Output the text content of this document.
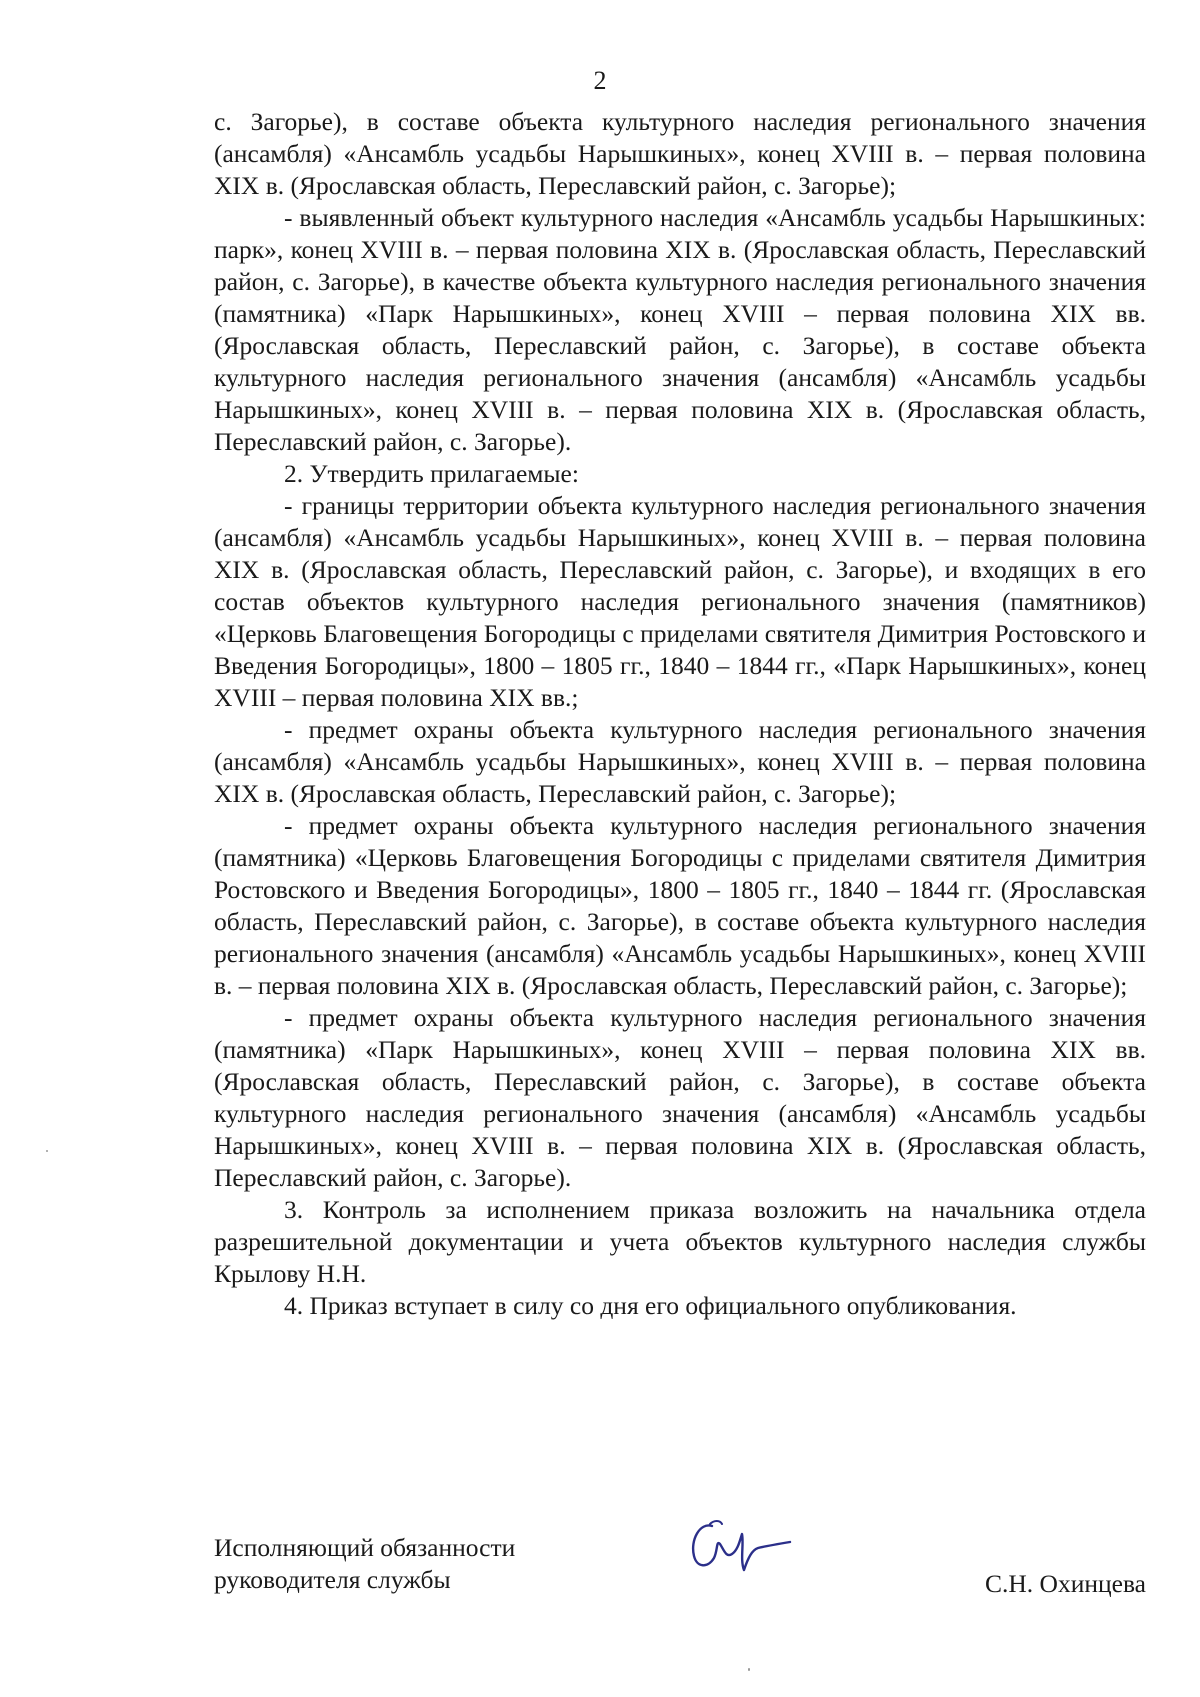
2

с. Загорье), в составе объекта культурного наследия регионального значения (ансамбля) «Ансамбль усадьбы Нарышкиных», конец XVIII в. – первая половина XIX в. (Ярославская область, Переславский район, с. Загорье);

- выявленный объект культурного наследия «Ансамбль усадьбы Нарышкиных: парк», конец XVIII в. – первая половина XIX в. (Ярославская область, Переславский район, с. Загорье), в качестве объекта культурного наследия регионального значения (памятника) «Парк Нарышкиных», конец XVIII – первая половина XIX вв. (Ярославская область, Переславский район, с. Загорье), в составе объекта культурного наследия регионального значения (ансамбля) «Ансамбль усадьбы Нарышкиных», конец XVIII в. – первая половина XIX в. (Ярославская область, Переславский район, с. Загорье).

2. Утвердить прилагаемые:

- границы территории объекта культурного наследия регионального значения (ансамбля) «Ансамбль усадьбы Нарышкиных», конец XVIII в. – первая половина XIX в. (Ярославская область, Переславский район, с. Загорье), и входящих в его состав объектов культурного наследия регионального значения (памятников) «Церковь Благовещения Богородицы с приделами святителя Димитрия Ростовского и Введения Богородицы», 1800 – 1805 гг., 1840 – 1844 гг., «Парк Нарышкиных», конец XVIII – первая половина XIX вв.;

- предмет охраны объекта культурного наследия регионального значения (ансамбля) «Ансамбль усадьбы Нарышкиных», конец XVIII в. – первая половина XIX в. (Ярославская область, Переславский район, с. Загорье);

- предмет охраны объекта культурного наследия регионального значения (памятника) «Церковь Благовещения Богородицы с приделами святителя Димитрия Ростовского и Введения Богородицы», 1800 – 1805 гг., 1840 – 1844 гг. (Ярославская область, Переславский район, с. Загорье), в составе объекта культурного наследия регионального значения (ансамбля) «Ансамбль усадьбы Нарышкиных», конец XVIII в. – первая половина XIX в. (Ярославская область, Переславский район, с. Загорье);

- предмет охраны объекта культурного наследия регионального значения (памятника) «Парк Нарышкиных», конец XVIII – первая половина XIX вв. (Ярославская область, Переславский район, с. Загорье), в составе объекта культурного наследия регионального значения (ансамбля) «Ансамбль усадьбы Нарышкиных», конец XVIII в. – первая половина XIX в. (Ярославская область, Переславский район, с. Загорье).

3. Контроль за исполнением приказа возложить на начальника отдела разрешительной документации и учета объектов культурного наследия службы Крылову Н.Н.

4. Приказ вступает в силу со дня его официального опубликования.

Исполняющий обязанности
руководителя службы	С.Н. Охинцева
